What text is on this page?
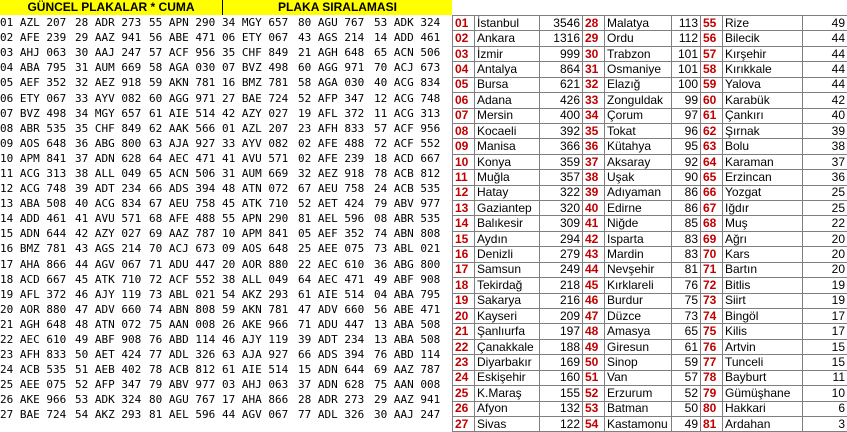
GÜNCEL PLAKALAR * CUMA	PLAKA SIRALAMASI
01 AZL 207	28 ADR 273	55 APN 290	34 MGY 657	80 AGU 767	53 ADK 324
02 AFE 239	29 AAZ 941	56 ABE 471	06 ETY 067	43 AGS 214	14 ADD 461
03 AHJ 063	30 AAJ 247	57 ACF 956	35 CHF 849	21 AGH 648	65 ACN 506
04 ABA 795	31 AUM 669	58 AGA 030	07 BVZ 498	60 AGG 971	70 ACJ 673
05 AEF 352	32 AEZ 918	59 AKN 781	16 BMZ 781	58 AGA 030	40 ACG 834
06 ETY 067	33 AYV 082	60 AGG 971	27 BAE 724	52 AFP 347	12 ACG 748
07 BVZ 498	34 MGY 657	61 AIE 514	42 AZY 027	19 AFL 372	11 ACG 313
08 ABR 535	35 CHF 849	62 AAK 566	01 AZL 207	23 AFH 833	57 ACF 956
09 AOS 648	36 ABG 800	63 AJA 927	33 AYV 082	02 AFE 488	72 ACF 552
10 APM 841	37 ADN 628	64 AEC 471	41 AVU 571	02 AFE 239	18 ACD 667
11 ACG 313	38 ALL 049	65 ACN 506	31 AUM 669	32 AEZ 918	78 ACB 812
12 ACG 748	39 ADT 234	66 ADS 394	48 ATN 072	67 AEU 758	24 ACB 535
13 ABA 508	40 ACG 834	67 AEU 758	45 ATK 710	52 AET 424	79 ABV 977
14 ADD 461	41 AVU 571	68 AFE 488	55 APN 290	81 AEL 596	08 ABR 535
15 ADN 644	42 AZY 027	69 AAZ 787	10 APM 841	05 AEF 352	74 ABN 808
16 BMZ 781	43 AGS 214	70 ACJ 673	09 AOS 648	25 AEE 075	73 ABL 021
17 AHA 866	44 AGV 067	71 ADU 447	20 AOR 880	22 AEC 610	36 ABG 800
18 ACD 667	45 ATK 710	72 ACF 552	38 ALL 049	64 AEC 471	49 ABF 908
19 AFL 372	46 AJY 119	73 ABL 021	54 AKZ 293	61 AIE 514	04 ABA 795
20 AOR 880	47 ADV 660	74 ABN 808	59 AKN 781	47 ADV 660	56 ABE 471
21 AGH 648	48 ATN 072	75 AAN 008	26 AKE 966	71 ADU 447	13 ABA 508
22 AEC 610	49 ABF 908	76 ABD 114	46 AJY 119	39 ADT 234	13 ABA 508
23 AFH 833	50 AET 424	77 ADL 326	63 AJA 927	66 ADS 394	76 ABD 114
24 ACB 535	51 AEB 402	78 ACB 812	61 AIE 514	15 ADN 644	69 AAZ 787
25 AEE 075	52 AFP 347	79 ABV 977	03 AHJ 063	37 ADN 628	75 AAN 008
26 AKE 966	53 ADK 324	80 AGU 767	17 AHA 866	28 ADR 273	29 AAZ 941
27 BAE 724	54 AKZ 293	81 AEL 596	44 AGV 067	77 ADL 326	30 AAJ 247
01	İstanbul	3546	28	Malatya	113	55	Rize	49
02	Ankara	1316	29	Ordu	112	56	Bilecik	44
03	İzmir	999	30	Trabzon	101	57	Kırşehir	44
04	Antalya	864	31	Osmaniye	101	58	Kırıkkale	44
05	Bursa	621	32	Elazığ	100	59	Yalova	44
06	Adana	426	33	Zonguldak	99	60	Karabük	42
07	Mersin	400	34	Çorum	97	61	Çankırı	40
08	Kocaeli	392	35	Tokat	96	62	Şırnak	39
09	Manisa	366	36	Kütahya	95	63	Bolu	38
10	Konya	359	37	Aksaray	92	64	Karaman	37
11	Muğla	357	38	Uşak	90	65	Erzincan	36
12	Hatay	322	39	Adıyaman	86	66	Yozgat	25
13	Gaziantep	320	40	Edirne	86	67	Iğdır	25
14	Balıkesir	309	41	Niğde	85	68	Muş	22
15	Aydın	294	42	Isparta	83	69	Ağrı	20
16	Denizli	279	43	Mardin	83	70	Kars	20
17	Samsun	249	44	Nevşehir	81	71	Bartın	20
18	Tekirdağ	218	45	Kırklareli	76	72	Bitlis	19
19	Sakarya	216	46	Burdur	75	73	Siirt	19
20	Kayseri	209	47	Düzce	73	74	Bingöl	17
21	Şanlıurfa	197	48	Amasya	65	75	Kilis	17
22	Çanakkale	188	49	Giresun	61	76	Artvin	15
23	Diyarbakır	169	50	Sinop	59	77	Tunceli	15
24	Eskişehir	160	51	Van	57	78	Bayburt	11
25	K.Maraş	155	52	Erzurum	52	79	Gümüşhane	10
26	Afyon	132	53	Batman	50	80	Hakkari	6
27	Sivas	122	54	Kastamonu	49	81	Ardahan	3
